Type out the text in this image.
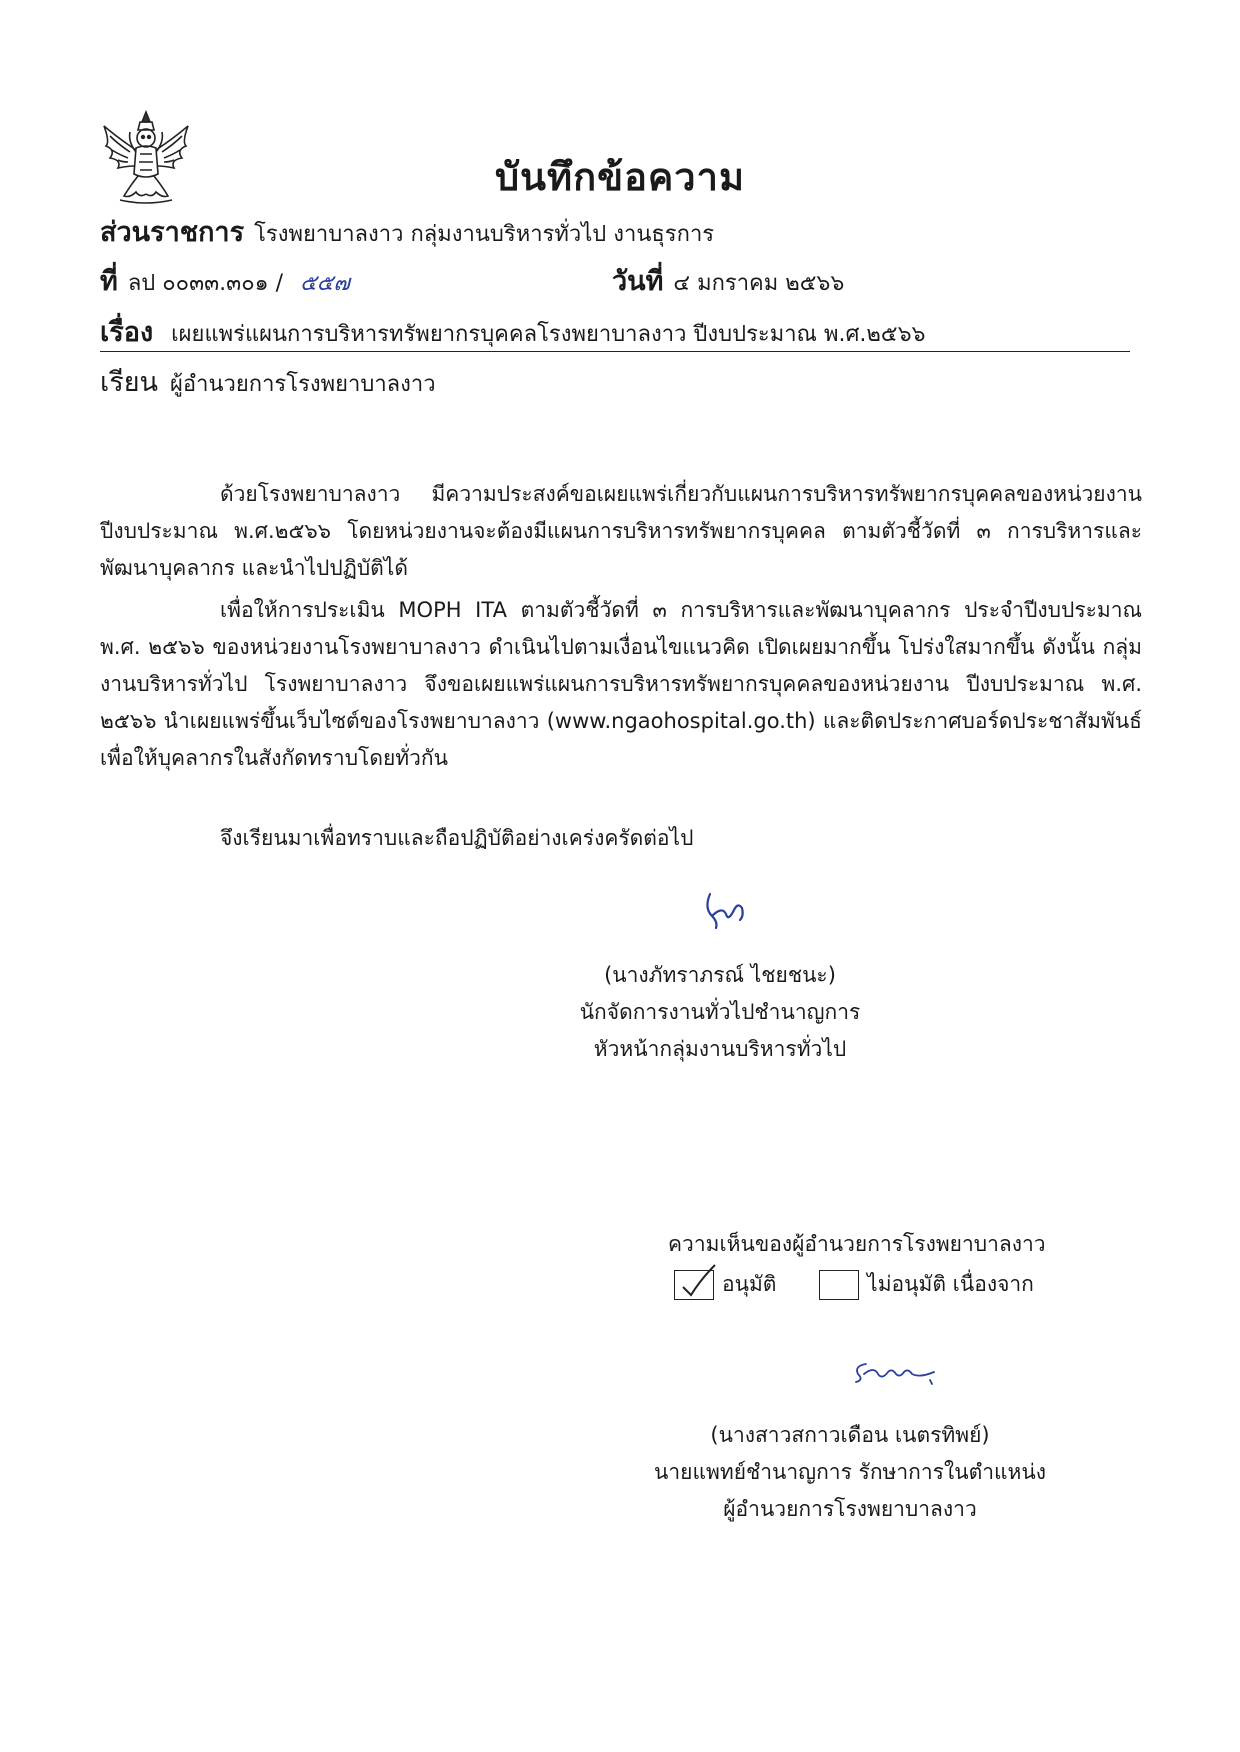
บันทึกข้อความ
ส่วนราชการ โรงพยาบาลงาว กลุ่มงานบริหารทั่วไป งานธุรการ
ที่ ลป ๐๐๓๓.๓๐๑ / ๕๕๗	วันที่ ๔ มกราคม ๒๕๖๖
เรื่อง เผยแพร่แผนการบริหารทรัพยากรบุคคลโรงพยาบาลงาว ปีงบประมาณ พ.ศ.๒๕๖๖
เรียน ผู้อำนวยการโรงพยาบาลงาว
ด้วยโรงพยาบาลงาว มีความประสงค์ขอเผยแพร่เกี่ยวกับแผนการบริหารทรัพยากรบุคคลของหน่วยงาน ปีงบประมาณ พ.ศ.๒๕๖๖ โดยหน่วยงานจะต้องมีแผนการบริหารทรัพยากรบุคคล ตามตัวชี้วัดที่ ๓ การบริหารและพัฒนาบุคลากร และนำไปปฏิบัติได้
เพื่อให้การประเมิน MOPH ITA ตามตัวชี้วัดที่ ๓ การบริหารและพัฒนาบุคลากร ประจำปีงบประมาณ พ.ศ. ๒๕๖๖ ของหน่วยงานโรงพยาบาลงาว ดำเนินไปตามเงื่อนไขแนวคิด เปิดเผยมากขึ้น โปร่งใสมากขึ้น ดังนั้น กลุ่มงานบริหารทั่วไป โรงพยาบาลงาว จึงขอเผยแพร่แผนการบริหารทรัพยากรบุคคลของหน่วยงาน ปีงบประมาณ พ.ศ. ๒๕๖๖ นำเผยแพร่ขึ้นเว็บไซต์ของโรงพยาบาลงาว (www.ngaohospital.go.th) และติดประกาศบอร์ดประชาสัมพันธ์เพื่อให้บุคลากรในสังกัดทราบโดยทั่วกัน
จึงเรียนมาเพื่อทราบและถือปฏิบัติอย่างเคร่งครัดต่อไป
(นางภัทราภรณ์ ไชยชนะ)
นักจัดการงานทั่วไปชำนาญการ
หัวหน้ากลุ่มงานบริหารทั่วไป
ความเห็นของผู้อำนวยการโรงพยาบาลงาว
อนุมัติ	ไม่อนุมัติ เนื่องจาก
(นางสาวสกาวเดือน เนตรทิพย์)
นายแพทย์ชำนาญการ รักษาการในตำแหน่ง
ผู้อำนวยการโรงพยาบาลงาว
